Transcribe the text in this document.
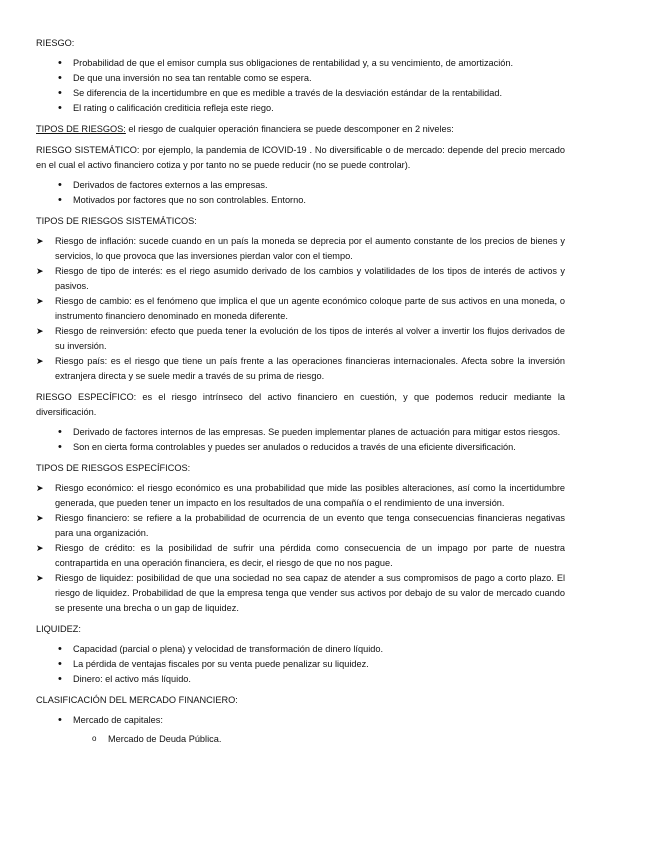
RIESGO:

• Probabilidad de que el emisor cumpla sus obligaciones de rentabilidad y, a su vencimiento, de amortización.
• De que una inversión no sea tan rentable como se espera.
• Se diferencia de la incertidumbre en que es medible a través de la desviación estándar de la rentabilidad.
• El rating o calificación crediticia refleja este riego.

TIPOS DE RIESGOS: el riesgo de cualquier operación financiera se puede descomponer en 2 niveles:

RIESGO SISTEMÁTICO: por ejemplo, la pandemia de lCOVID-19 . No diversificable o de mercado: depende del precio mercado en el cual el activo financiero cotiza y por tanto no se puede reducir (no se puede controlar).

• Derivados de factores externos a las empresas.
• Motivados por factores que no son controlables. Entorno.

TIPOS DE RIESGOS SISTEMÁTICOS:

➤ Riesgo de inflación: sucede cuando en un país la moneda se deprecia por el aumento constante de los precios de bienes y servicios, lo que provoca que las inversiones pierdan valor con el tiempo.
➤ Riesgo de tipo de interés: es el riego asumido derivado de los cambios y volatilidades de los tipos de interés de activos y pasivos.
➤ Riesgo de cambio: es el fenómeno que implica el que un agente económico coloque parte de sus activos en una moneda, o instrumento financiero denominado en moneda diferente.
➤ Riesgo de reinversión: efecto que pueda tener la evolución de los tipos de interés al volver a invertir los flujos derivados de su inversión.
➤ Riesgo país: es el riesgo que tiene un país frente a las operaciones financieras internacionales. Afecta sobre la inversión extranjera directa y se suele medir a través de su prima de riesgo.

RIESGO ESPECÍFICO: es el riesgo intrínseco del activo financiero en cuestión, y que podemos reducir mediante la diversificación.

• Derivado de factores internos de las empresas. Se pueden implementar planes de actuación para mitigar estos riesgos.
• Son en cierta forma controlables y puedes ser anulados o reducidos a través de una eficiente diversificación.

TIPOS DE RIESGOS ESPECÍFICOS:

➤ Riesgo económico: el riesgo económico es una probabilidad que mide las posibles alteraciones, así como la incertidumbre generada, que pueden tener un impacto en los resultados de una compañía o el rendimiento de una inversión.
➤ Riesgo financiero: se refiere a la probabilidad de ocurrencia de un evento que tenga consecuencias financieras negativas para una organización.
➤ Riesgo de crédito: es la posibilidad de sufrir una pérdida como consecuencia de un impago por parte de nuestra contrapartida en una operación financiera, es decir, el riesgo de que no nos pague.
➤ Riesgo de liquidez: posibilidad de que una sociedad no sea capaz de atender a sus compromisos de pago a corto plazo. El riesgo de liquidez. Probabilidad de que la empresa tenga que vender sus activos por debajo de su valor de mercado cuando se presente una brecha o un gap de liquidez.

LIQUIDEZ:

• Capacidad (parcial o plena) y velocidad de transformación de dinero líquido.
• La pérdida de ventajas fiscales por su venta puede penalizar su liquidez.
• Dinero: el activo más líquido.

CLASIFICACIÓN DEL MERCADO FINANCIERO:

• Mercado de capitales:
o Mercado de Deuda Pública.
